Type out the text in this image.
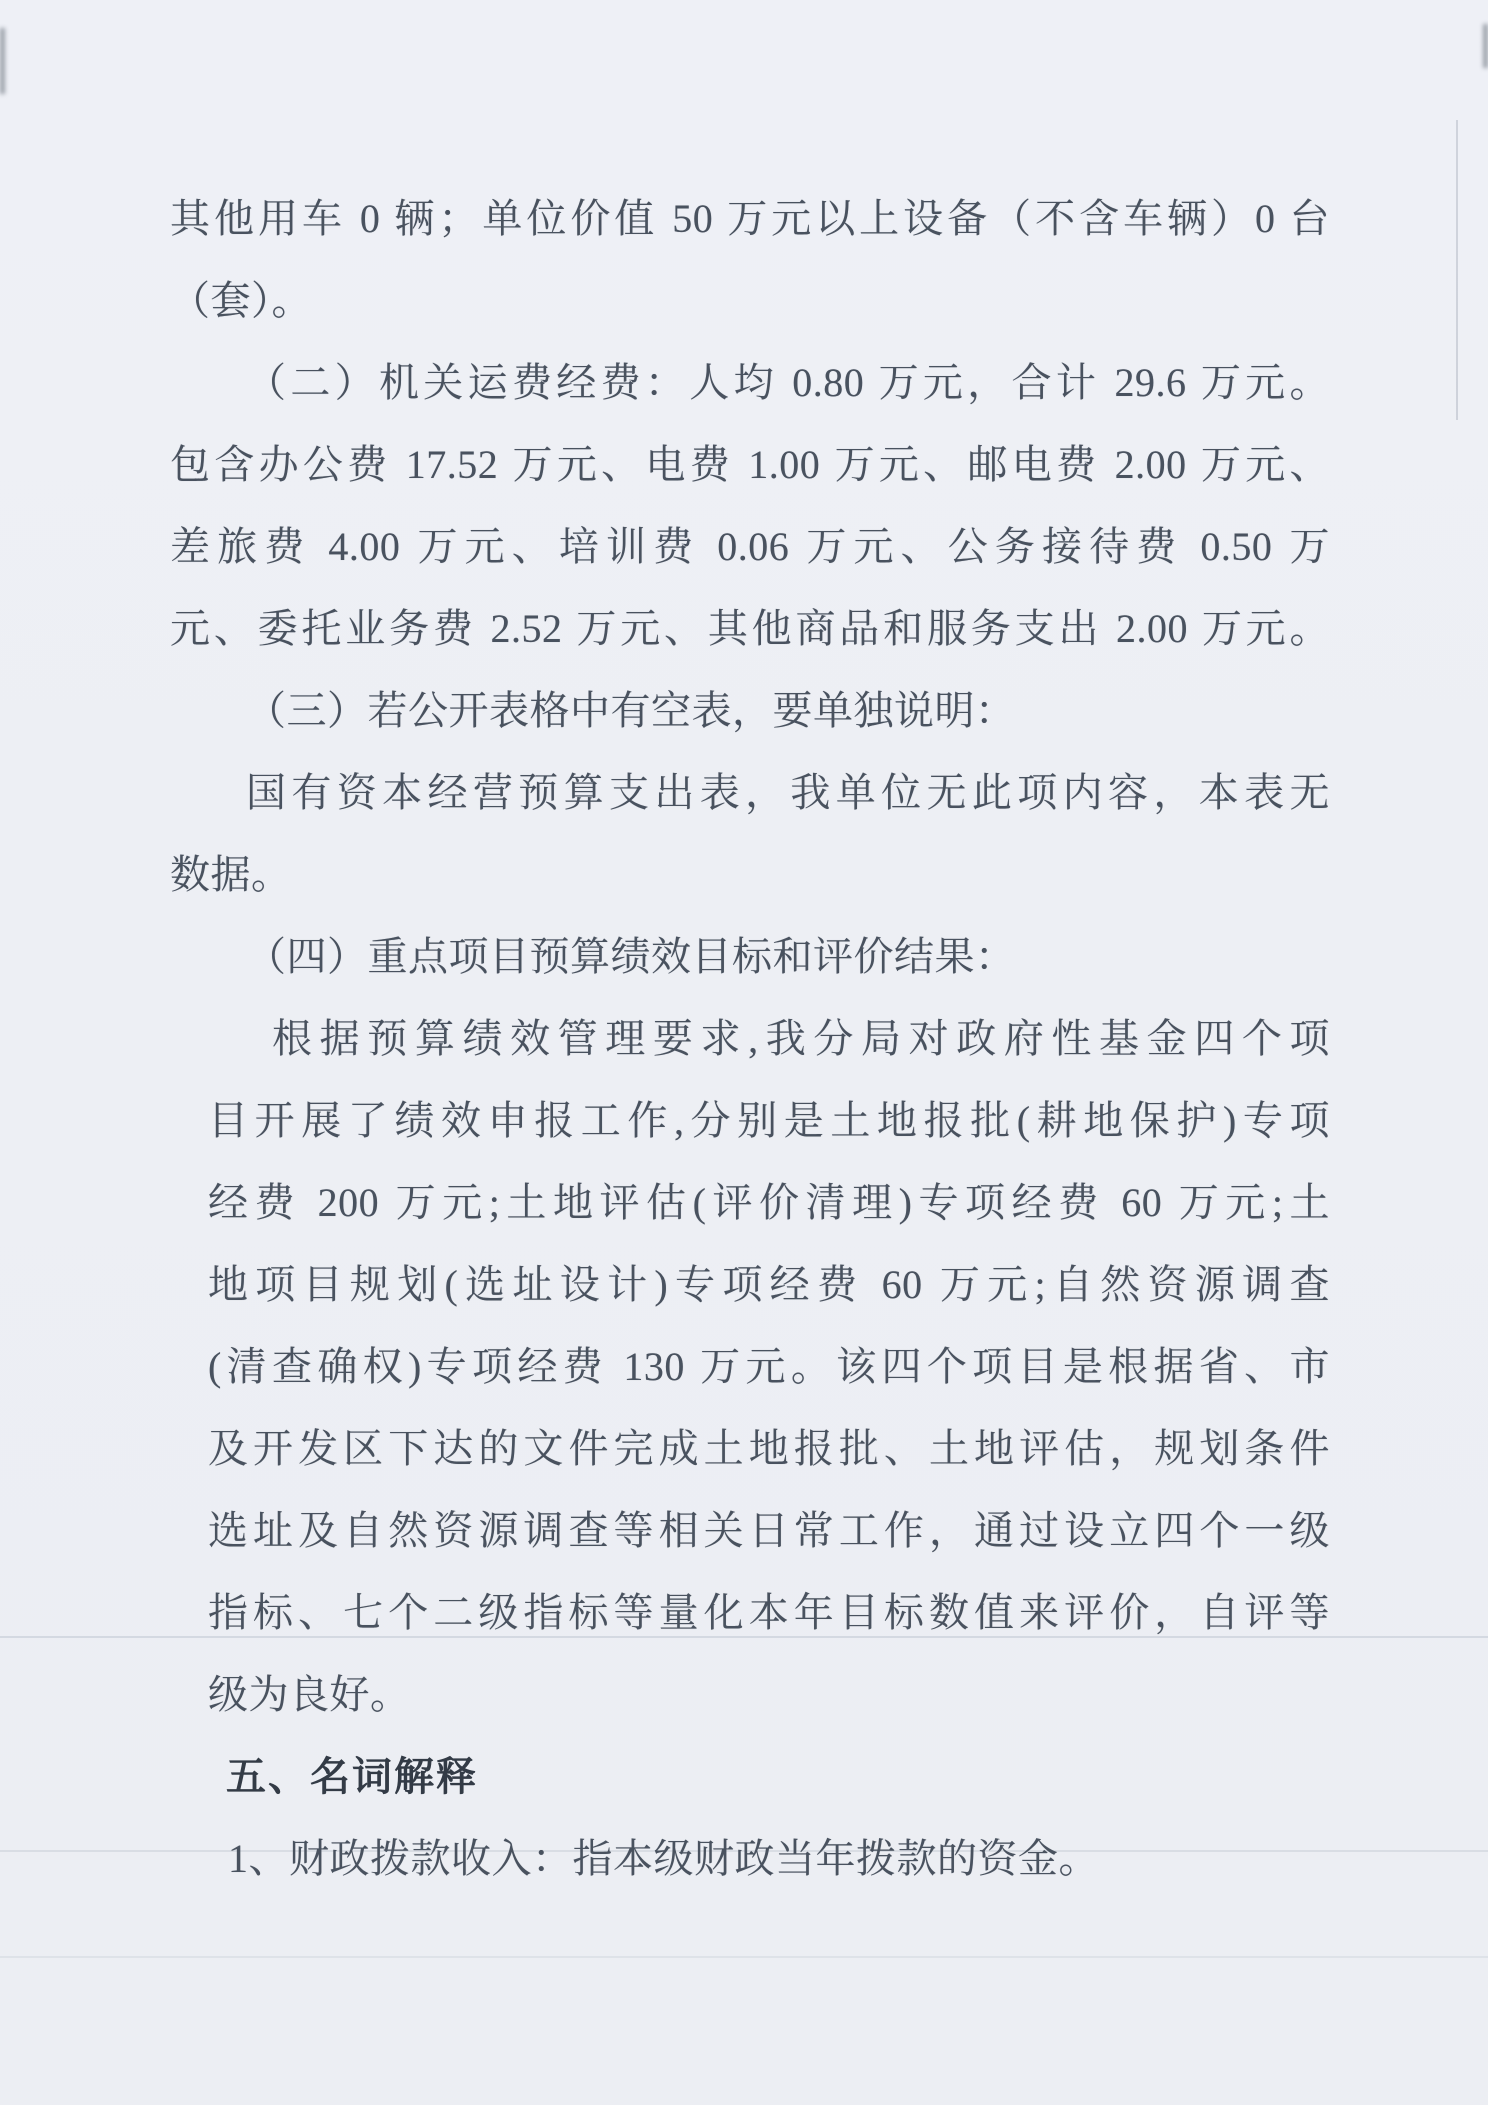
其他用车 0 辆；单位价值 50 万元以上设备（不含车辆）0 台
（套）。
（二）机关运费经费：人均 0.80 万元，合计 29.6 万元。
包含办公费 17.52 万元、电费 1.00 万元、邮电费 2.00 万元、
差旅费 4.00 万元、培训费 0.06 万元、公务接待费 0.50 万
元、委托业务费 2.52 万元、其他商品和服务支出 2.00 万元。
（三）若公开表格中有空表，要单独说明：
国有资本经营预算支出表，我单位无此项内容，本表无
数据。
（四）重点项目预算绩效目标和评价结果：
根据预算绩效管理要求,我分局对政府性基金四个项
目开展了绩效申报工作,分别是土地报批(耕地保护)专项
经费 200 万元;土地评估(评价清理)专项经费 60 万元;土
地项目规划(选址设计)专项经费 60 万元;自然资源调查
(清查确权)专项经费 130 万元。该四个项目是根据省、市
及开发区下达的文件完成土地报批、土地评估，规划条件
选址及自然资源调查等相关日常工作，通过设立四个一级
指标、七个二级指标等量化本年目标数值来评价，自评等
级为良好。
五、名词解释
1、财政拨款收入：指本级财政当年拨款的资金。
